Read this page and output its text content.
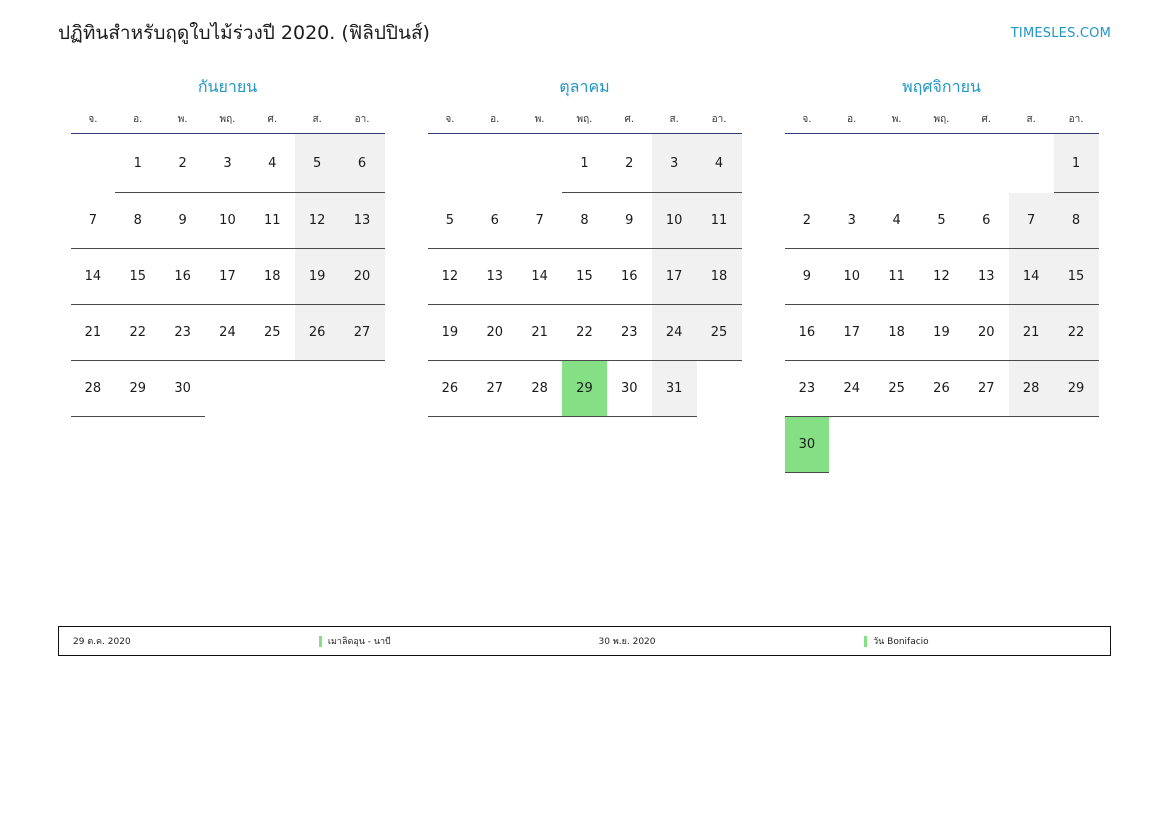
ปฏิทินสำหรับฤดูใบไม้ร่วงปี 2020. (ฟิลิปปินส์)	TIMESLES.COM
กันยายน
จ.	อ.	พ.	พฤ.	ศ.	ส.	อา.
	1	2	3	4	5	6
7	8	9	10	11	12	13
14	15	16	17	18	19	20
21	22	23	24	25	26	27
28	29	30				
ตุลาคม
จ.	อ.	พ.	พฤ.	ศ.	ส.	อา.
			1	2	3	4
5	6	7	8	9	10	11
12	13	14	15	16	17	18
19	20	21	22	23	24	25
26	27	28	29	30	31	
พฤศจิกายน
จ.	อ.	พ.	พฤ.	ศ.	ส.	อา.
						1
2	3	4	5	6	7	8
9	10	11	12	13	14	15
16	17	18	19	20	21	22
23	24	25	26	27	28	29
30						
29 ต.ค. 2020	เมาลิดอุน - นาบี	30 พ.ย. 2020	วัน Bonifacio
